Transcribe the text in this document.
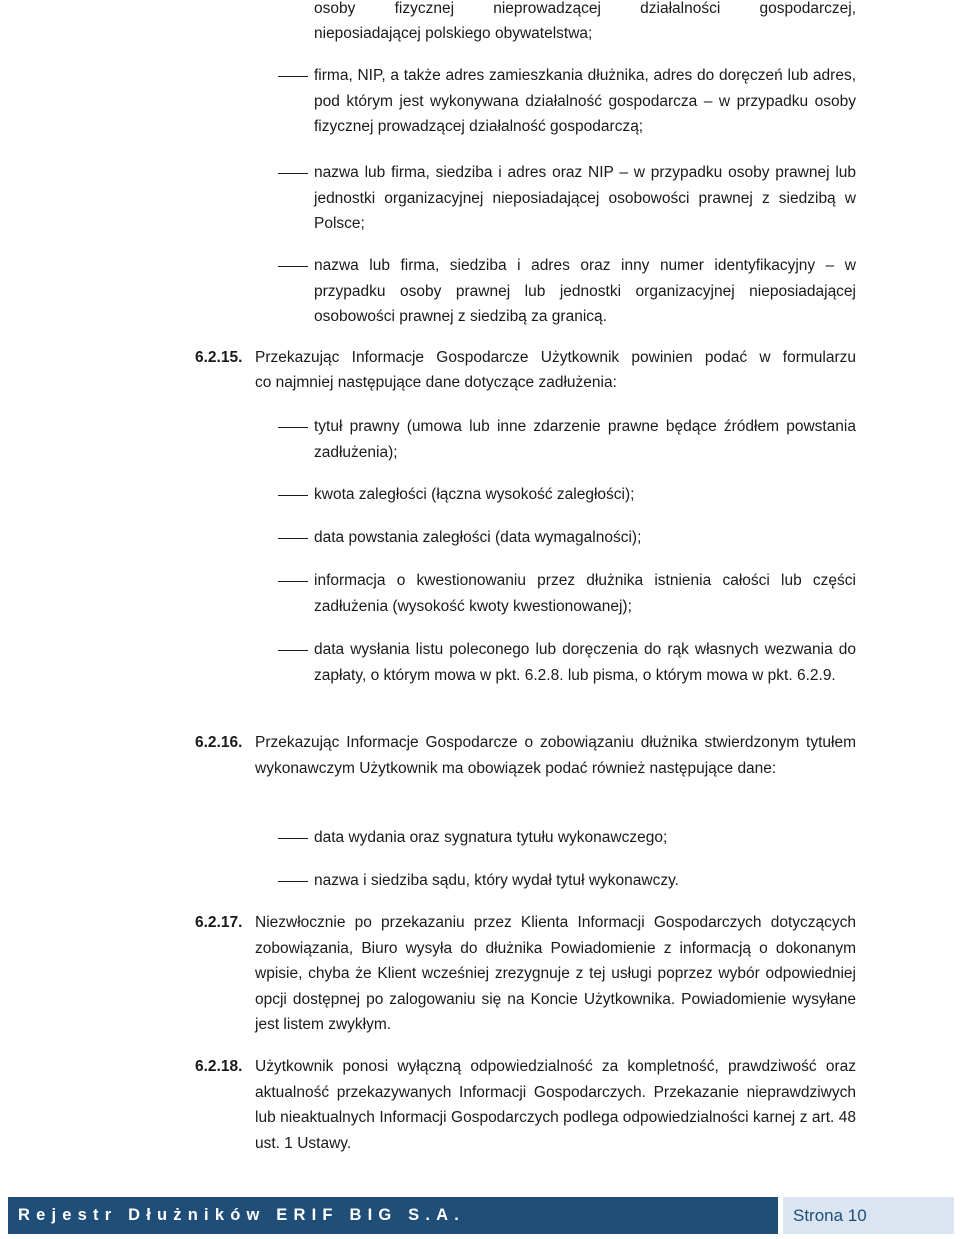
osoby fizycznej nieprowadzącej działalności gospodarczej,
nieposiadającej polskiego obywatelstwa;
firma, NIP, a także adres zamieszkania dłużnika, adres do doręczeń lub adres, pod którym jest wykonywana działalność gospodarcza – w przypadku osoby fizycznej prowadzącej działalność gospodarczą;
nazwa lub firma, siedziba i adres oraz NIP – w przypadku osoby prawnej lub jednostki organizacyjnej nieposiadającej osobowości prawnej z siedzibą w Polsce;
nazwa lub firma, siedziba i adres oraz inny numer identyfikacyjny – w przypadku osoby prawnej lub jednostki organizacyjnej nieposiadającej osobowości prawnej z siedzibą za granicą.
6.2.15. Przekazując Informacje Gospodarcze Użytkownik powinien podać w formularzu
co najmniej następujące dane dotyczące zadłużenia:
tytuł prawny (umowa lub inne zdarzenie prawne będące źródłem powstania zadłużenia);
kwota zaległości (łączna wysokość zaległości);
data powstania zaległości (data wymagalności);
informacja o kwestionowaniu przez dłużnika istnienia całości lub części zadłużenia (wysokość kwoty kwestionowanej);
data wysłania listu poleconego lub doręczenia do rąk własnych wezwania do zapłaty, o którym mowa w pkt. 6.2.8. lub pisma, o którym mowa w pkt. 6.2.9.
6.2.16. Przekazując Informacje Gospodarcze o zobowiązaniu dłużnika stwierdzonym tytułem wykonawczym Użytkownik ma obowiązek podać również następujące dane:
data wydania oraz sygnatura tytułu wykonawczego;
nazwa i siedziba sądu, który wydał tytuł wykonawczy.
6.2.17. Niezwłocznie po przekazaniu przez Klienta Informacji Gospodarczych dotyczących zobowiązania, Biuro wysyła do dłużnika Powiadomienie z informacją o dokonanym wpisie, chyba że Klient wcześniej zrezygnuje z tej usługi poprzez wybór odpowiedniej opcji dostępnej po zalogowaniu się na Koncie Użytkownika. Powiadomienie wysyłane jest listem zwykłym.
6.2.18. Użytkownik ponosi wyłączną odpowiedzialność za kompletność, prawdziwość oraz aktualność przekazywanych Informacji Gospodarczych. Przekazanie nieprawdziwych lub nieaktualnych Informacji Gospodarczych podlega odpowiedzialności karnej z art. 48 ust. 1 Ustawy.
Rejestr Dłużników ERIF BIG S.A.	Strona 10
